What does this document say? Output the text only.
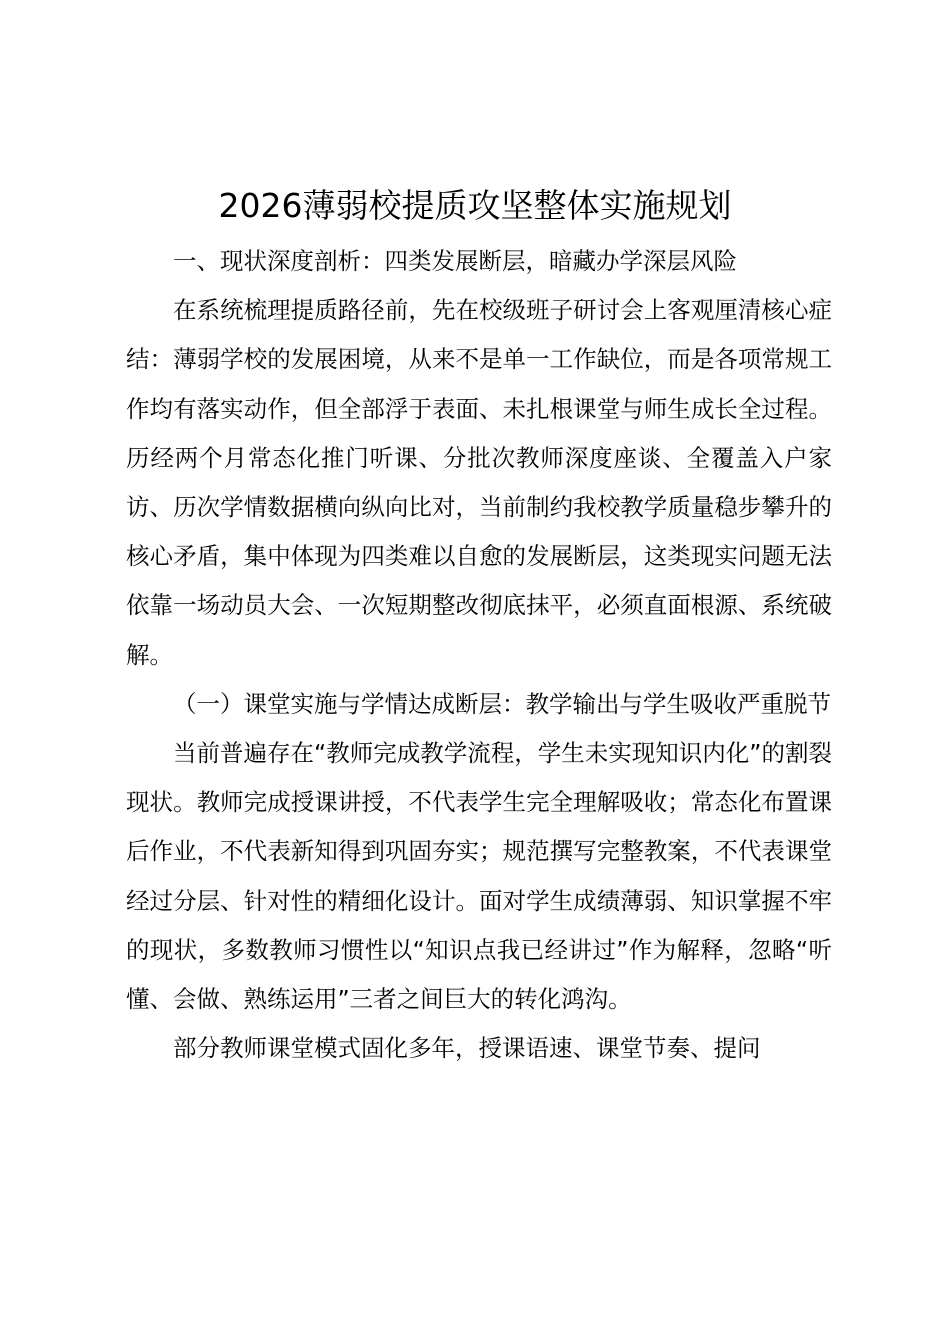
2026薄弱校提质攻坚整体实施规划

一、现状深度剖析：四类发展断层，暗藏办学深层风险

在系统梳理提质路径前，先在校级班子研讨会上客观厘清核心症结：薄弱学校的发展困境，从来不是单一工作缺位，而是各项常规工作均有落实动作，但全部浮于表面、未扎根课堂与师生成长全过程。历经两个月常态化推门听课、分批次教师深度座谈、全覆盖入户家访、历次学情数据横向纵向比对，当前制约我校教学质量稳步攀升的核心矛盾，集中体现为四类难以自愈的发展断层，这类现实问题无法依靠一场动员大会、一次短期整改彻底抹平，必须直面根源、系统破解。

（一）课堂实施与学情达成断层：教学输出与学生吸收严重脱节

当前普遍存在“教师完成教学流程，学生未实现知识内化”的割裂现状。教师完成授课讲授，不代表学生完全理解吸收；常态化布置课后作业，不代表新知得到巩固夯实；规范撰写完整教案，不代表课堂经过分层、针对性的精细化设计。面对学生成绩薄弱、知识掌握不牢的现状，多数教师习惯性以“知识点我已经讲过”作为解释，忽略“听懂、会做、熟练运用”三者之间巨大的转化鸿沟。

部分教师课堂模式固化多年，授课语速、课堂节奏、提问
